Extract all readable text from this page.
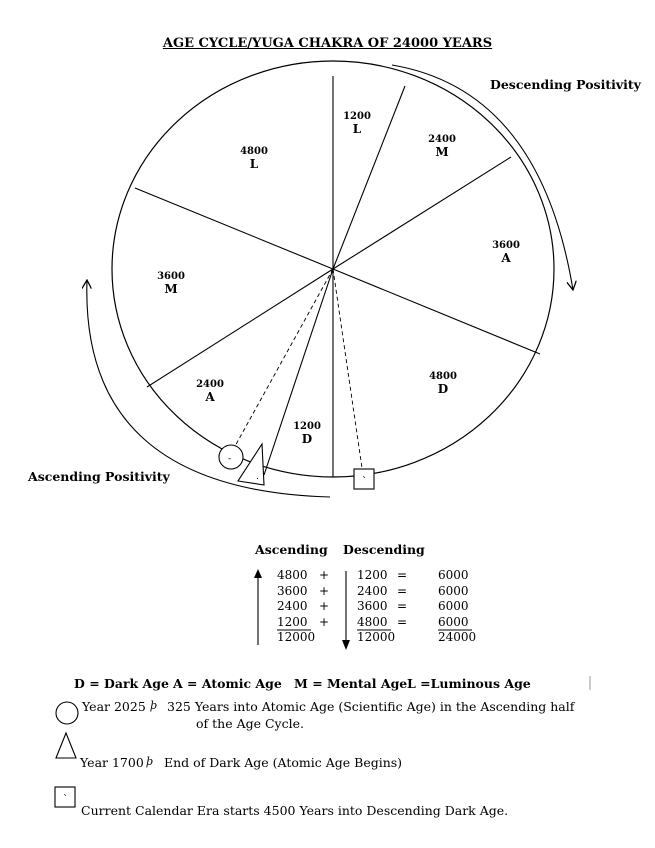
AGE CYCLE/YUGA CHAKRA OF 24000 YEARS
.
-
`
`
Descending Positivity
Ascending Positivity
1200
L
2400
M
3600
A
4800
D
1200
D
2400
A
3600
M
4800
L
Ascending Descending
4800
3600
2400
1200
12000
+
+
+
+
1200
2400
3600
4800
12000
=
=
=
=
6000
6000
6000
6000
24000
D = Dark Age A = Atomic Age M = Mental Age L =Luminous Age
Year 2025 þ 325 Years into Atomic Age (Scientific Age) in the Ascending half
of the Age Cycle.
Year 1700 þ End of Dark Age (Atomic Age Begins)
Current Calendar Era starts 4500 Years into Descending Dark Age.
